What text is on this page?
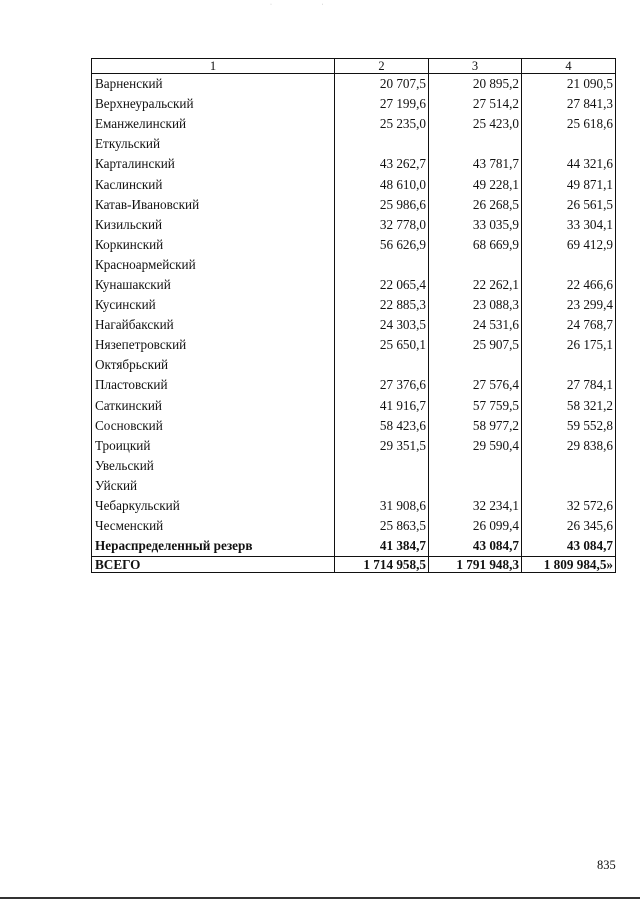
· ·
1	2	3	4
Варненский	20 707,5	20 895,2	21 090,5
Верхнеуральский	27 199,6	27 514,2	27 841,3
Еманжелинский	25 235,0	25 423,0	25 618,6
Еткульский			
Карталинский	43 262,7	43 781,7	44 321,6
Каслинский	48 610,0	49 228,1	49 871,1
Катав-Ивановский	25 986,6	26 268,5	26 561,5
Кизильский	32 778,0	33 035,9	33 304,1
Коркинский	56 626,9	68 669,9	69 412,9
Красноармейский			
Кунашакский	22 065,4	22 262,1	22 466,6
Кусинский	22 885,3	23 088,3	23 299,4
Нагайбакский	24 303,5	24 531,6	24 768,7
Нязепетровский	25 650,1	25 907,5	26 175,1
Октябрьский			
Пластовский	27 376,6	27 576,4	27 784,1
Саткинский	41 916,7	57 759,5	58 321,2
Сосновский	58 423,6	58 977,2	59 552,8
Троицкий	29 351,5	29 590,4	29 838,6
Увельский			
Уйский			
Чебаркульский	31 908,6	32 234,1	32 572,6
Чесменский	25 863,5	26 099,4	26 345,6
Нераспределенный резерв	41 384,7	43 084,7	43 084,7
ВСЕГО	1 714 958,5	1 791 948,3	1 809 984,5»
835
